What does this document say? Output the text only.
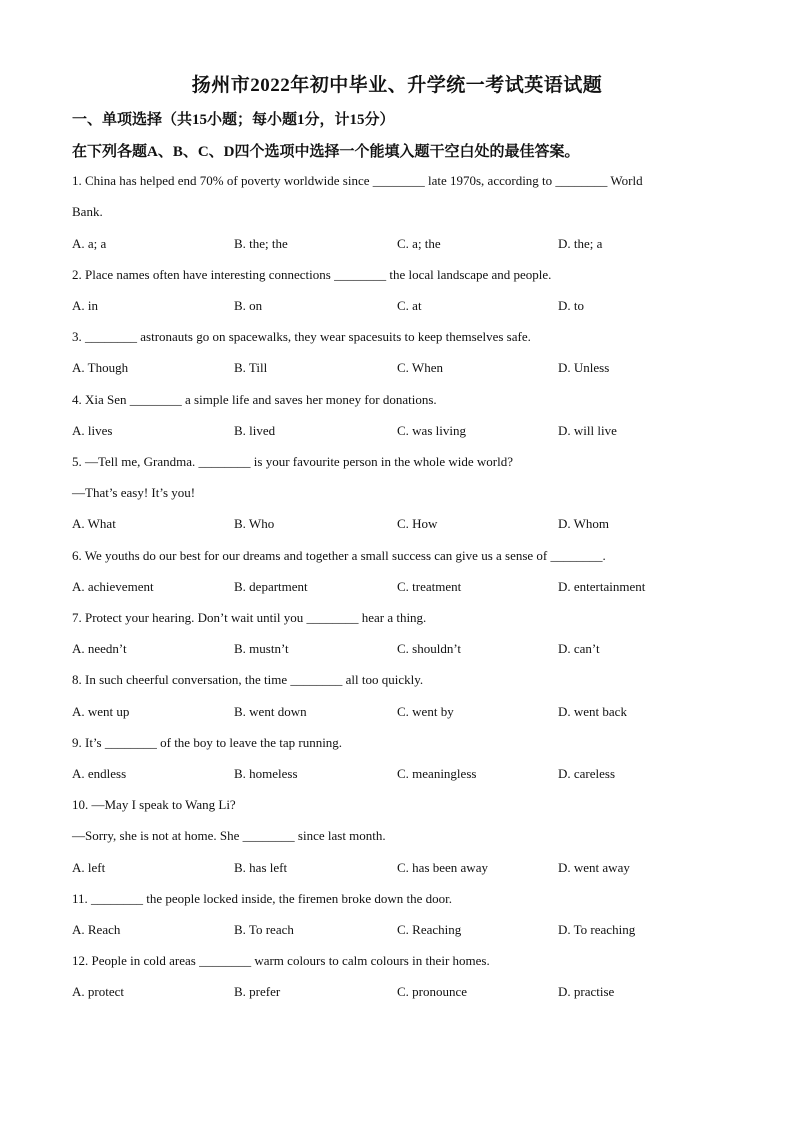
扬州市2022年初中毕业、升学统一考试英语试题
一、单项选择（共15小题；每小题1分，计15分）
在下列各题A、B、C、D四个选项中选择一个能填入题干空白处的最佳答案。
1. China has helped end 70% of poverty worldwide since ________ late 1970s, according to ________ World
Bank.
A. a; a	B. the; the	C. a; the	D. the; a
2. Place names often have interesting connections ________ the local landscape and people.
A. in	B. on	C. at	D. to
3. ________ astronauts go on spacewalks, they wear spacesuits to keep themselves safe.
A. Though	B. Till	C. When	D. Unless
4. Xia Sen ________ a simple life and saves her money for donations.
A. lives	B. lived	C. was living	D. will live
5. —Tell me, Grandma. ________ is your favourite person in the whole wide world?
—That’s easy! It’s you!
A. What	B. Who	C. How	D. Whom
6. We youths do our best for our dreams and together a small success can give us a sense of ________.
A. achievement	B. department	C. treatment	D. entertainment
7. Protect your hearing. Don’t wait until you ________ hear a thing.
A. needn’t	B. mustn’t	C. shouldn’t	D. can’t
8. In such cheerful conversation, the time ________ all too quickly.
A. went up	B. went down	C. went by	D. went back
9. It’s ________ of the boy to leave the tap running.
A. endless	B. homeless	C. meaningless	D. careless
10. —May I speak to Wang Li?
—Sorry, she is not at home. She ________ since last month.
A. left	B. has left	C. has been away	D. went away
11. ________ the people locked inside, the firemen broke down the door.
A. Reach	B. To reach	C. Reaching	D. To reaching
12. People in cold areas ________ warm colours to calm colours in their homes.
A. protect	B. prefer	C. pronounce	D. practise
